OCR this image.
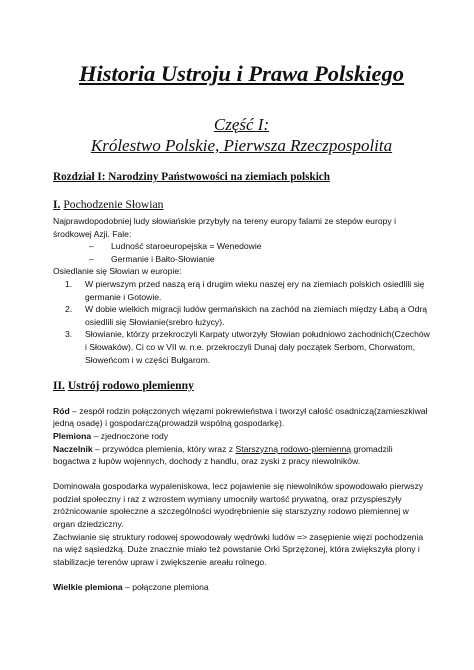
Historia Ustroju i Prawa Polskiego
Część I:
Królestwo Polskie, Pierwsza Rzeczpospolita
Rozdział I: Narodziny Państwowości na ziemiach polskich
I. Pochodzenie Słowian

Najprawdopodobniej ludy słowiańskie przybyły na tereny europy falami ze stepów europy i środkowej Azji. Fale:

– Ludność staroeuropejska = Wenedowie
– Germanie i Bałto-Słowianie

Osiedlanie się Słowian w europie:

1. W pierwszym przed naszą erą i drugim wieku naszej ery na ziemiach polskich osiedlili się germanie i Gotowie.
2. W dobie wielkich migracji ludów germańskich na zachód na ziemiach między Łabą a Odrą osiedlili się Słowianie(srebro łużycy).
3. Słowianie, którzy przekroczyli Karpaty utworzyły Słowian południowo zachodnich(Czechów i Słowaków). Ci co w VII w. n.e. przekroczyli Dunaj dały początek Serbom, Chorwatom, Słoweńcom i w części Bułgarom.
II. Ustrój rodowo plemienny

Ród – zespół rodzin połączonych więzami pokrewieństwa i tworzył całość osadniczą(zamieszkiwał jedną osadę) i gospodarczą(prowadził wspólną gospodarkę).

Plemiona – zjednoczone rody

Naczelnik – przywódca plemienia, który wraz z Starszyzną rodowo-plemienną gromadzili bogactwa z łupów wojennych, dochody z handlu, oraz zyski z pracy niewolników.

Dominowała gospodarka wypaleniskowa, lecz pojawienie się niewolników spowodowało pierwszy podział społeczny i raz z wzrostem wymiany umocniły wartość prywatną, oraz przyspieszyły zróżnicowanie społeczne a szczególności wyodrębnienie się starszyzny rodowo plemiennej w organ dziedziczny.

Zachwianie się struktury rodowej spowodowały wędrówki ludów => zasępienie więzi pochodzenia na więź sąsiedzką. Duże znacznie miało też powstanie Orki Sprzężonej, która zwiększyła plony i stabilizacje terenów upraw i zwiększenie areału rolnego.

Wielkie plemiona – połączone plemiona
